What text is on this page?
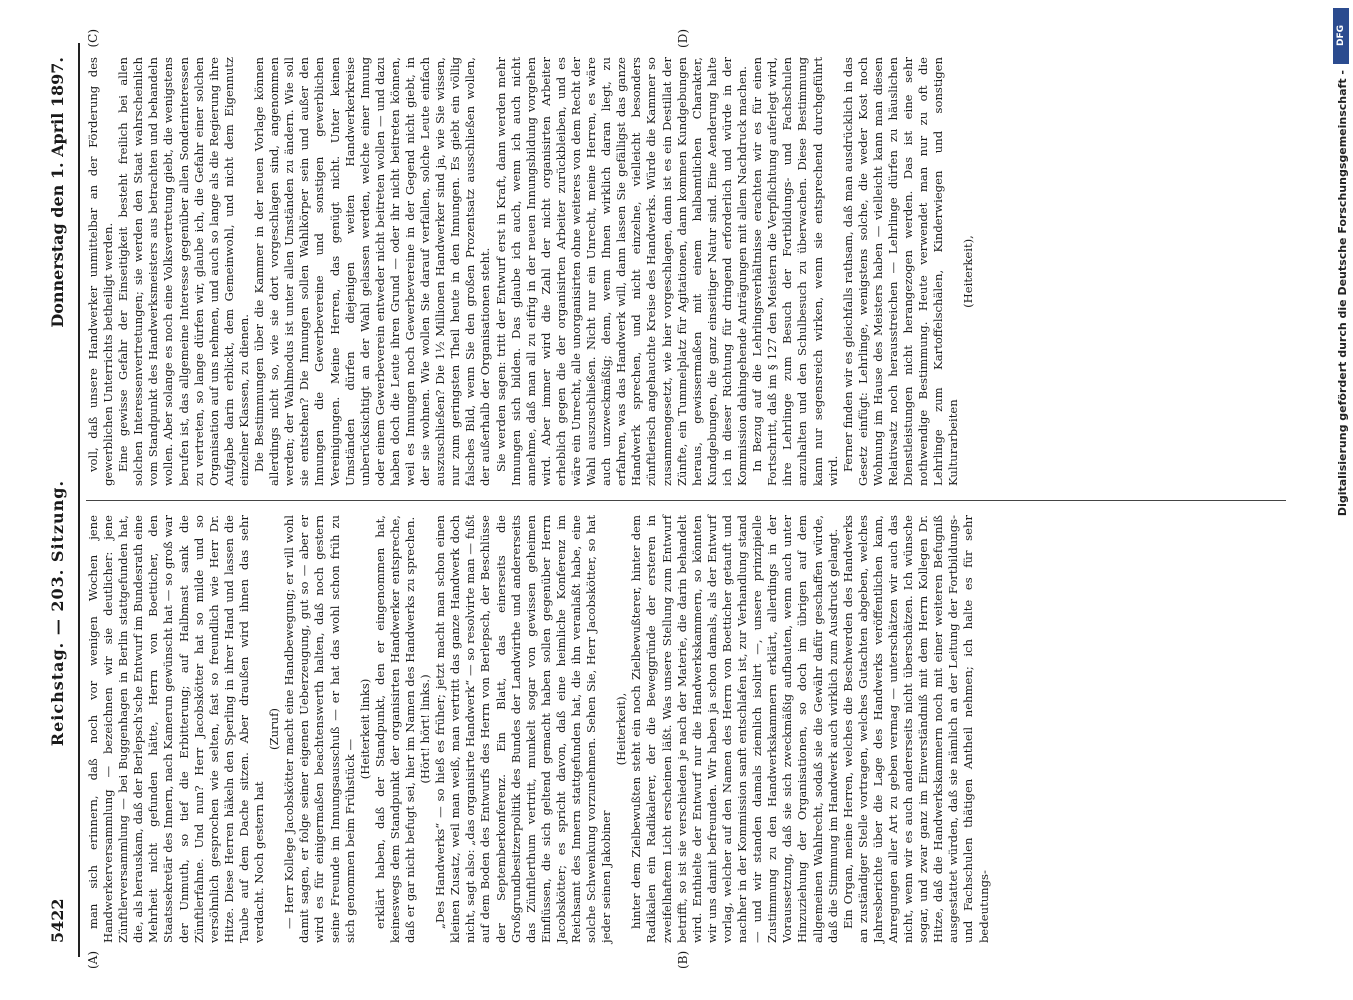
5422
Reichstag. — 203. Sitzung.
Donnerstag den 1. April 1897.
(A)	(B)

man sich erinnern, daß noch vor wenigen Wochen jene Handwerkerversammlung — bezeichnen wir sie deutlicher: jene Zünftlerversammlung — bei Buggenhagen in Berlin stattgefunden hat, die, als herauskam, daß der Berlepsch'sche Entwurf im Bundesrath eine Mehrheit nicht gefunden hätte, Herrn von Boetticher, den Staatssekretär des Innern, nach Kamerun gewünscht hat — so groß war der Unmuth, so tief die Erbitterung; auf Halbmast sank die Zünftlerfahne. Und nun? Herr Jacobskötter hat so milde und so versöhnlich gesprochen wie selten, fast so freundlich wie Herr Dr. Hitze. Diese Herren häkeln den Sperling in ihrer Hand und lassen die Taube auf dem Dache sitzen. Aber draußen wird ihnen das sehr verdacht. Noch gestern hat

(Zuruf) — Herr Kollege Jacobskötter macht eine Handbewegung; er will wohl damit sagen, er folge seiner eigenen Ueberzeugung, gut so — aber er wird es für einigermaßen beachtenswerth halten, daß noch gestern seine Freunde im Innungsausschuß — er hat das wohl schon früh zu sich genommen beim Frühstück —

(Heiterkeit links) erklärt haben, daß der Standpunkt, den er eingenommen hat, keineswegs dem Standpunkt der organisirten Handwerker entspreche, daß er gar nicht befugt sei, hier im Namen des Handwerks zu sprechen. (Hört! hört! links.) „Des Handwerks“ — so hieß es früher; jetzt macht man schon einen kleinen Zusatz, weil man weiß, man vertritt das ganze Handwerk doch nicht, sagt also: „das organisirte Handwerk“ — so resolvirte man — fußt auf dem Boden des Entwurfs des Herrn von Berlepsch, der Beschlüsse der Septemberkonferenz. Ein Blatt, das einerseits die Großgrundbesitzerpolitik des Bundes der Landwirthe und andererseits das Zünftlerthum vertritt, munkelt sogar von gewissen geheimen Einflüssen, die sich geltend gemacht haben sollen gegenüber Herrn Jacobskötter; es spricht davon, daß eine heimliche Konferenz im Reichsamt des Innern stattgefunden hat, die ihn veranlaßt habe, eine solche Schwenkung vorzunehmen. Sehen Sie, Herr Jacobskötter, so hat jeder seinen Jakobiner

(Heiterkeit), hinter dem Zielbewußten steht ein noch Zielbewußterer, hinter dem Radikalen ein Radikalerer, der die Beweggründe der ersteren in zweifelhaftem Licht erscheinen läßt. Was unsere Stellung zum Entwurf betrifft, so ist sie verschieden je nach der Materie, die darin behandelt wird. Enthielte der Entwurf nur die Handwerkskammern, so könnten wir uns damit befreunden. Wir haben ja schon damals, als der Entwurf vorlag, welcher auf den Namen des Herrn von Boetticher getauft und nachher in der Kommission sanft entschlafen ist, zur Verhandlung stand — und wir standen damals ziemlich isolirt —, unsere prinzipielle Zustimmung zu den Handwerkskammern erklärt, allerdings in der Voraussetzung, daß sie sich zweckmäßig aufbauten, wenn auch unter Hinzuziehung der Organisationen, so doch im übrigen auf dem allgemeinen Wahlrecht, sodaß sie die Gewähr dafür geschaffen würde, daß die Stimmung im Handwerk auch wirklich zum Ausdruck gelangt. Ein Organ, meine Herren, welches die Beschwerden des Handwerks an zuständiger Stelle vortragen, welches Gutachten abgeben, welches Jahresberichte über die Lage des Handwerks veröffentlichen kann, Anregungen aller Art zu geben vermag — unterschätzen wir auch das nicht, wenn wir es auch andererseits nicht überschätzen. Ich wünsche sogar, und zwar ganz im Einverständniß mit dem Herrn Kollegen Dr. Hitze, daß die Handwerkskammern noch mit einer weiteren Befugniß ausgestattet würden, daß sie nämlich an der Leitung der Fortbildungs- und Fachschulen thätigen Antheil nehmen; ich halte es für sehr bedeutungs-

(C)	(D)

voll, daß unsere Handwerker unmittelbar an der Förderung des gewerblichen Unterrichts betheiligt werden. Eine gewisse Gefahr der Einseitigkeit besteht freilich bei allen solchen Interessenvertretungen; sie werden den Staat wahrscheinlich vom Standpunkt des Handwerksmeisters aus betrachten und behandeln wollen. Aber solange es noch eine Volksvertretung giebt, die wenigstens berufen ist, das allgemeine Interesse gegenüber allen Sonderinteressen zu vertreten, so lange dürfen wir, glaube ich, die Gefahr einer solchen Organisation auf uns nehmen, und auch so lange als die Regierung ihre Aufgabe darin erblickt, dem Gemeinwohl, und nicht dem Eigennutz einzelner Klassen, zu dienen. Die Bestimmungen über die Kammer in der neuen Vorlage können allerdings nicht so, wie sie dort vorgeschlagen sind, angenommen werden; der Wahlmodus ist unter allen Umständen zu ändern. Wie soll sie entstehen? Die Innungen sollen Wahlkörper sein und außer den Innungen die Gewerbevereine und sonstigen gewerblichen Vereinigungen. Meine Herren, das genügt nicht. Unter keinen Umständen dürfen diejenigen weiten Handwerkerkreise unberücksichtigt an der Wahl gelassen werden, welche einer Innung oder einem Gewerbeverein entweder nicht beitreten wollen — und dazu haben doch die Leute ihren Grund — oder ihr nicht beitreten können, weil es Innungen noch Gewerbevereine in der Gegend nicht giebt, in der sie wohnen. Wie wollen Sie darauf verfallen, solche Leute einfach auszuschließen? Die 1½ Millionen Handwerker sind ja, wie Sie wissen, nur zum geringsten Theil heute in den Innungen. Es giebt ein völlig falsches Bild, wenn Sie den großen Prozentsatz ausschließen wollen, der außerhalb der Organisationen steht. Sie werden sagen: tritt der Entwurf erst in Kraft, dann werden mehr Innungen sich bilden. Das glaube ich auch, wenn ich auch nicht annehme, daß man all zu eifrig in der neuen Innungsbildung vorgehen wird. Aber immer wird die Zahl der nicht organisirten Arbeiter erheblich gegen die der organisirten Arbeiter zurückbleiben, und es wäre ein Unrecht, alle unorganisirten ohne weiteres von dem Recht der Wahl auszuschließen. Nicht nur ein Unrecht, meine Herren, es wäre auch unzweckmäßig; denn, wenn Ihnen wirklich daran liegt, zu erfahren, was das Handwerk will, dann lassen Sie gefälligst das ganze Handwerk sprechen, und nicht einzelne, vielleicht besonders zünftlerisch angehauchte Kreise des Handwerks. Würde die Kammer so zusammengesetzt, wie hier vorgeschlagen, dann ist es ein Destillat der Zünfte, ein Tummelplatz für Agitationen, dann kommen Kundgebungen heraus, gewissermaßen mit einem halbamtlichen Charakter, Kundgebungen, die ganz einseitiger Natur sind. Eine Aenderung halte ich in dieser Richtung für dringend erforderlich und würde in der Kommission dahingehende Anträgungen mit allem Nachdruck machen. In Bezug auf die Lehrlingsverhältnisse erachten wir es für einen Fortschritt, daß im § 127 den Meistern die Verpflichtung auferlegt wird, ihre Lehrlinge zum Besuch der Fortbildungs- und Fachschulen anzuhalten und den Schulbesuch zu überwachen. Diese Bestimmung kann nur segensreich wirken, wenn sie entsprechend durchgeführt wird. Ferner finden wir es gleichfalls rathsam, daß man ausdrücklich in das Gesetz einfügt: Lehrlinge, wenigstens solche, die weder Kost noch Wohnung im Hause des Meisters haben — vielleicht kann man diesen Relativsatz noch herausstreichen — Lehrlinge dürfen zu häuslichen Dienstleistungen nicht herangezogen werden. Das ist eine sehr nothwendige Bestimmung. Heute verwendet man nur zu oft die Lehrlinge zum Kartoffelschälen, Kinderwiegen und sonstigen Kulturarbeiten

(Heiterkeit),

DFG
Digitalisierung gefördert durch die Deutsche Forschungsgemeinschaft -
